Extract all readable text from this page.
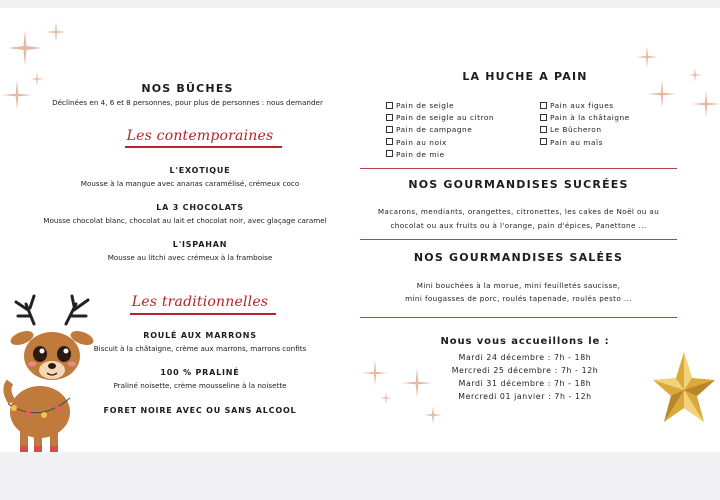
NOS BÛCHES
Déclinées en 4, 6 et 8 personnes, pour plus de personnes : nous demander
Les contemporaines
L'EXOTIQUE
Mousse à la mangue avec ananas caramélisé, crémeux coco
LA 3 CHOCOLATS
Mousse chocolat blanc, chocolat au lait et chocolat noir, avec glaçage caramel
L'ISPAHAN
Mousse au litchi avec crémeux à la framboise
Les traditionnelles
ROULÉ AUX MARRONS
Biscuit à la châtaigne, crème aux marrons, marrons confits
100 % PRALINÉ
Praliné noisette, crème mousseline à la noisette
FORET NOIRE AVEC OU SANS ALCOOL
LA HUCHE A PAIN
Pain de seigle
Pain de seigle au citron
Pain de campagne
Pain au noix
Pain de mie
Pain aux figues
Pain à la châtaigne
Le Bûcheron
Pain au maïs
NOS GOURMANDISES SUCRÉES
Macarons, mendiants, orangettes, citronettes, les cakes de Noël ou au
chocolat ou aux fruits ou à l'orange, pain d'épices, Panettone ...
NOS GOURMANDISES SALÉES
Mini bouchées à la morue, mini feuilletés saucisse,
mini fougasses de porc, roulés tapenade, roulés pesto ...
Nous vous accueillons le :
Mardi 24 décembre : 7h - 18h
Mercredi 25 décembre : 7h - 12h
Mardi 31 décembre : 7h - 18h
Mercredi 01 janvier : 7h - 12h
